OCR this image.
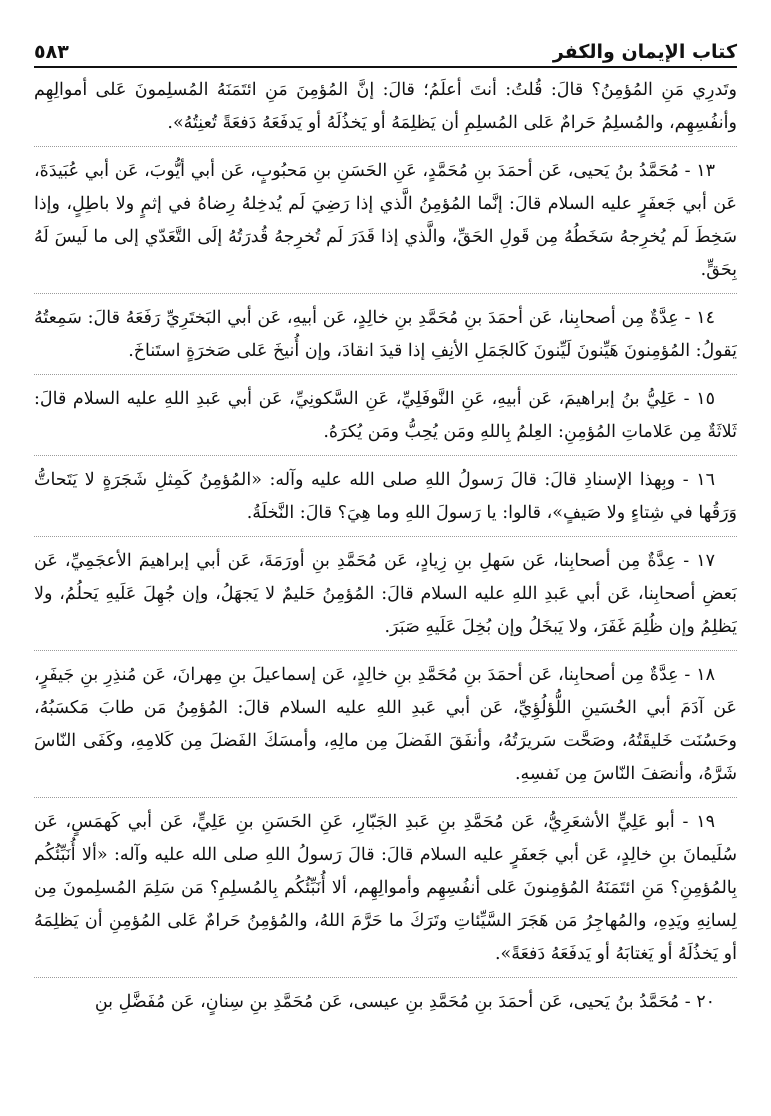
٥٨٣	كتاب الإيمان والكفر

وتَدرِي مَنِ المُؤمِنُ؟ قالَ: قُلتُ: أنتَ أعلَمُ؛ قالَ: إنَّ المُؤمِنَ مَنِ ائتَمَنَهُ المُسلِمونَ عَلى أموالِهِم وأنفُسِهِم، والمُسلِمُ حَرامٌ عَلى المُسلِمِ أن يَظلِمَهُ أو يَخذُلَهُ أو يَدفَعَهُ دَفعَةً تُعنِتُهُ».

١٣ - مُحَمَّدُ بنُ يَحيى، عَن أحمَدَ بنِ مُحَمَّدٍ، عَنِ الحَسَنِ بنِ مَحبُوبٍ، عَن أبي أيُّوبَ، عَن أبي عُبَيدَةَ، عَن أبي جَعفَرٍ عليه السلام قالَ: إنَّما المُؤمِنُ الَّذي إذا رَضِيَ لَم يُدخِلهُ رِضاهُ في إثمٍ ولا باطِلٍ، وإذا سَخِطَ لَم يُخرِجهُ سَخَطُهُ مِن قَولِ الحَقِّ، والَّذي إذا قَدَرَ لَم تُخرِجهُ قُدرَتُهُ إلَى التَّعَدّي إلى ما لَيسَ لَهُ بِحَقٍّ.

١٤ - عِدَّةٌ مِن أصحابِنا، عَن أحمَدَ بنِ مُحَمَّدِ بنِ خالِدٍ، عَن أبيهِ، عَن أبي البَختَرِيِّ رَفَعَهُ قالَ: سَمِعتُهُ يَقولُ: المُؤمِنونَ هَيِّنونَ لَيِّنونَ كَالجَمَلِ الأنِفِ إذا قيدَ انقادَ، وإن أُنيخَ عَلى صَخرَةٍ استَناخَ.

١٥ - عَلِيُّ بنُ إبراهيمَ، عَن أبيهِ، عَنِ النَّوفَلِيِّ، عَنِ السَّكونِيِّ، عَن أبي عَبدِ اللهِ عليه السلام قالَ: ثَلاثَةٌ مِن عَلاماتِ المُؤمِنِ: العِلمُ بِاللهِ ومَن يُحِبُّ ومَن يُكرَهُ.

١٦ - وبِهذا الإسنادِ قالَ: قالَ رَسولُ اللهِ صلى الله عليه وآله: «المُؤمِنُ كَمِثلِ شَجَرَةٍ لا يَتَحاتُّ وَرَقُها في شِتاءٍ ولا صَيفٍ»، قالوا: يا رَسولَ اللهِ وما هِيَ؟ قالَ: النَّخلَةُ.

١٧ - عِدَّةٌ مِن أصحابِنا، عَن سَهلِ بنِ زِيادٍ، عَن مُحَمَّدِ بنِ أورَمَةَ، عَن أبي إبراهيمَ الأعجَمِيِّ، عَن بَعضِ أصحابِنا، عَن أبي عَبدِ اللهِ عليه السلام قالَ: المُؤمِنُ حَليمٌ لا يَجهَلُ، وإن جُهِلَ عَلَيهِ يَحلُمُ، ولا يَظلِمُ وإن ظُلِمَ غَفَرَ، ولا يَبخَلُ وإن بُخِلَ عَلَيهِ صَبَرَ.

١٨ - عِدَّةٌ مِن أصحابِنا، عَن أحمَدَ بنِ مُحَمَّدِ بنِ خالِدٍ، عَن إسماعيلَ بنِ مِهرانَ، عَن مُنذِرِ بنِ جَيفَرٍ، عَن آدَمَ أبي الحُسَينِ اللُّؤلُؤِيِّ، عَن أبي عَبدِ اللهِ عليه السلام قالَ: المُؤمِنُ مَن طابَ مَكسَبُهُ، وحَسُنَت خَليقَتُهُ، وصَحَّت سَريرَتُهُ، وأنفَقَ الفَضلَ مِن مالِهِ، وأمسَكَ الفَضلَ مِن كَلامِهِ، وكَفَى النّاسَ شَرَّهُ، وأنصَفَ النّاسَ مِن نَفسِهِ.

١٩ - أبو عَلِيٍّ الأشعَرِيُّ، عَن مُحَمَّدِ بنِ عَبدِ الجَبّارِ، عَنِ الحَسَنِ بنِ عَلِيٍّ، عَن أبي كَهمَسٍ، عَن سُلَيمانَ بنِ خالِدٍ، عَن أبي جَعفَرٍ عليه السلام قالَ: قالَ رَسولُ اللهِ صلى الله عليه وآله: «ألا أُنَبِّئُكُم بِالمُؤمِنِ؟ مَنِ ائتَمَنَهُ المُؤمِنونَ عَلى أنفُسِهِم وأموالِهِم، ألا أُنَبِّئُكُم بِالمُسلِمِ؟ مَن سَلِمَ المُسلِمونَ مِن لِسانِهِ ويَدِهِ، والمُهاجِرُ مَن هَجَرَ السَّيِّئاتِ وتَرَكَ ما حَرَّمَ اللهُ، والمُؤمِنُ حَرامٌ عَلى المُؤمِنِ أن يَظلِمَهُ أو يَخذُلَهُ أو يَغتابَهُ أو يَدفَعَهُ دَفعَةً».

٢٠ - مُحَمَّدُ بنُ يَحيى، عَن أحمَدَ بنِ مُحَمَّدِ بنِ عيسى، عَن مُحَمَّدِ بنِ سِنانٍ، عَن مُفَضَّلِ بنِ
